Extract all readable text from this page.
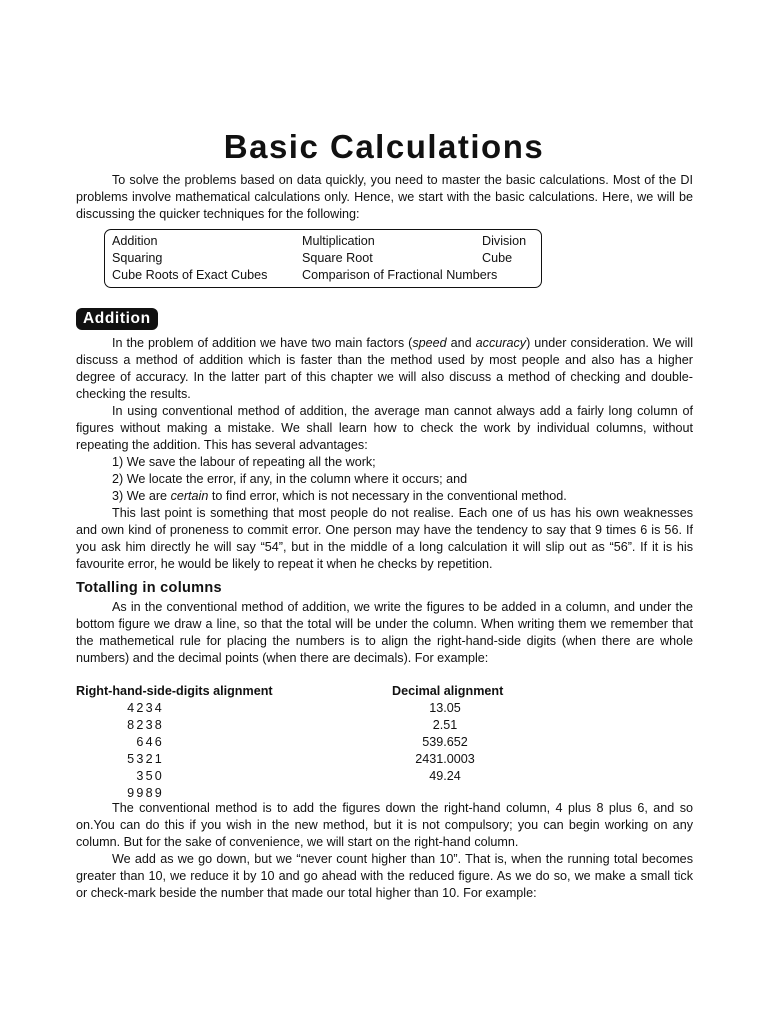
Basic Calculations

To solve the problems based on data quickly, you need to master the basic calculations. Most of the DI problems involve mathematical calculations only. Hence, we start with the basic calculations. Here, we will be discussing the quicker techniques for the following:

Addition	Multiplication	Division
Squaring	Square Root	Cube
Cube Roots of Exact Cubes	Comparison of Fractional Numbers
Addition

In the problem of addition we have two main factors (speed and accuracy) under consideration. We will discuss a method of addition which is faster than the method used by most people and also has a higher degree of accuracy. In the latter part of this chapter we will also discuss a method of checking and double-checking the results.

In using conventional method of addition, the average man cannot always add a fairly long column of figures without making a mistake. We shall learn how to check the work by individual columns, without repeating the addition. This has several advantages:

1) We save the labour of repeating all the work;

2) We locate the error, if any, in the column where it occurs; and

3) We are certain to find error, which is not necessary in the conventional method.

This last point is something that most people do not realise. Each one of us has his own weaknesses and own kind of proneness to commit error. One person may have the tendency to say that 9 times 6 is 56. If you ask him directly he will say “54”, but in the middle of a long calculation it will slip out as “56”. If it is his favourite error, he would be likely to repeat it when he checks by repetition.

Totalling in columns

As in the conventional method of addition, we write the figures to be added in a column, and under the bottom figure we draw a line, so that the total will be under the column. When writing them we remember that the mathemetical rule for placing the numbers is to align the right-hand-side digits (when there are whole numbers) and the decimal points (when there are decimals). For example:

Right-hand-side-digits alignment	Decimal alignment
4234
8238
646
5321
350
9989
13.05
2.51
539.652
2431.0003
49.24

The conventional method is to add the figures down the right-hand column, 4 plus 8 plus 6, and so on.You can do this if you wish in the new method, but it is not compulsory; you can begin working on any column. But for the sake of convenience, we will start on the right-hand column.

We add as we go down, but we “never count higher than 10”. That is, when the running total becomes greater than 10, we reduce it by 10 and go ahead with the reduced figure. As we do so, we make a small tick or check-mark beside the number that made our total higher than 10. For example:
